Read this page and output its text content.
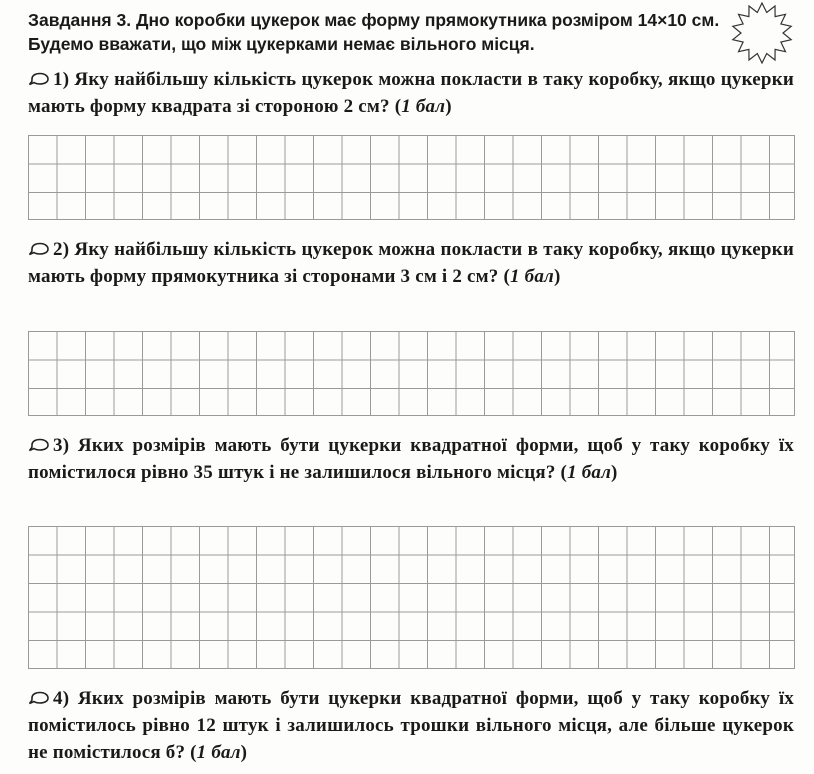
Завдання 3. Дно коробки цукерок має форму прямокутника розміром 14×10 см. Будемо вважати, що між цукерками немає вільного місця.
1) Яку найбільшу кількість цукерок можна покласти в таку коробку, якщо цукерки мають форму квадрата зі стороною 2 см? (1 бал)
2) Яку найбільшу кількість цукерок можна покласти в таку коробку, якщо цукерки мають форму прямокутника зі сторонами 3 см і 2 см? (1 бал)
3) Яких розмірів мають бути цукерки квадратної форми, щоб у таку коробку їх помістилося рівно 35 штук і не залишилося вільного місця? (1 бал)
4) Яких розмірів мають бути цукерки квадратної форми, щоб у таку коробку їх помістилось рівно 12 штук і залишилось трошки вільного місця, але більше цукерок не помістилося б? (1 бал)
